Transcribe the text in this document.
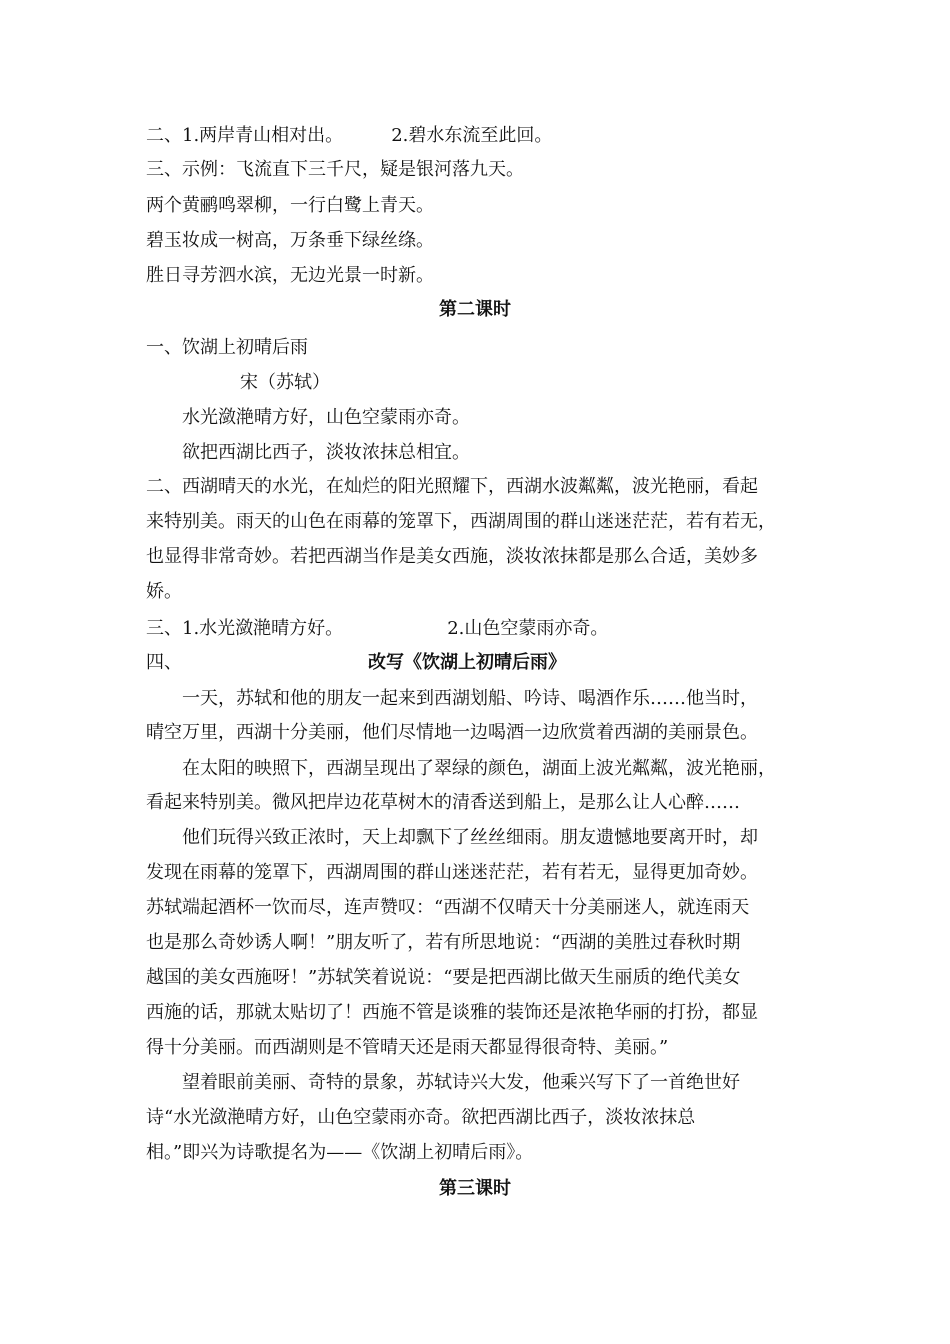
二、1.两岸青山相对出。	2.碧水东流至此回。
三、示例：飞流直下三千尺，疑是银河落九天。
两个黄鹂鸣翠柳，一行白鹭上青天。
碧玉妆成一树高，万条垂下绿丝绦。
胜日寻芳泗水滨，无边光景一时新。
第二课时
一、饮湖上初晴后雨
宋（苏轼）
水光潋滟晴方好，山色空蒙雨亦奇。
欲把西湖比西子，淡妆浓抹总相宜。
二、西湖晴天的水光，在灿烂的阳光照耀下，西湖水波粼粼，波光艳丽，看起
来特别美。雨天的山色在雨幕的笼罩下，西湖周围的群山迷迷茫茫，若有若无，
也显得非常奇妙。若把西湖当作是美女西施，淡妆浓抹都是那么合适，美妙多
娇。
三、1.水光潋滟晴方好。	2.山色空蒙雨亦奇。
四、	改写《饮湖上初晴后雨》
一天，苏轼和他的朋友一起来到西湖划船、吟诗、喝酒作乐……他当时，
晴空万里，西湖十分美丽，他们尽情地一边喝酒一边欣赏着西湖的美丽景色。
在太阳的映照下，西湖呈现出了翠绿的颜色，湖面上波光粼粼，波光艳丽，
看起来特别美。微风把岸边花草树木的清香送到船上，是那么让人心醉……
他们玩得兴致正浓时，天上却飘下了丝丝细雨。朋友遗憾地要离开时，却
发现在雨幕的笼罩下，西湖周围的群山迷迷茫茫，若有若无，显得更加奇妙。
苏轼端起酒杯一饮而尽，连声赞叹：“西湖不仅晴天十分美丽迷人，就连雨天
也是那么奇妙诱人啊！”朋友听了，若有所思地说：“西湖的美胜过春秋时期
越国的美女西施呀！”苏轼笑着说说：“要是把西湖比做天生丽质的绝代美女
西施的话，那就太贴切了！西施不管是谈雅的装饰还是浓艳华丽的打扮，都显
得十分美丽。而西湖则是不管晴天还是雨天都显得很奇特、美丽。”
望着眼前美丽、奇特的景象，苏轼诗兴大发，他乘兴写下了一首绝世好
诗“水光潋滟晴方好，山色空蒙雨亦奇。欲把西湖比西子，淡妆浓抹总
相。”即兴为诗歌提名为——《饮湖上初晴后雨》。
第三课时
